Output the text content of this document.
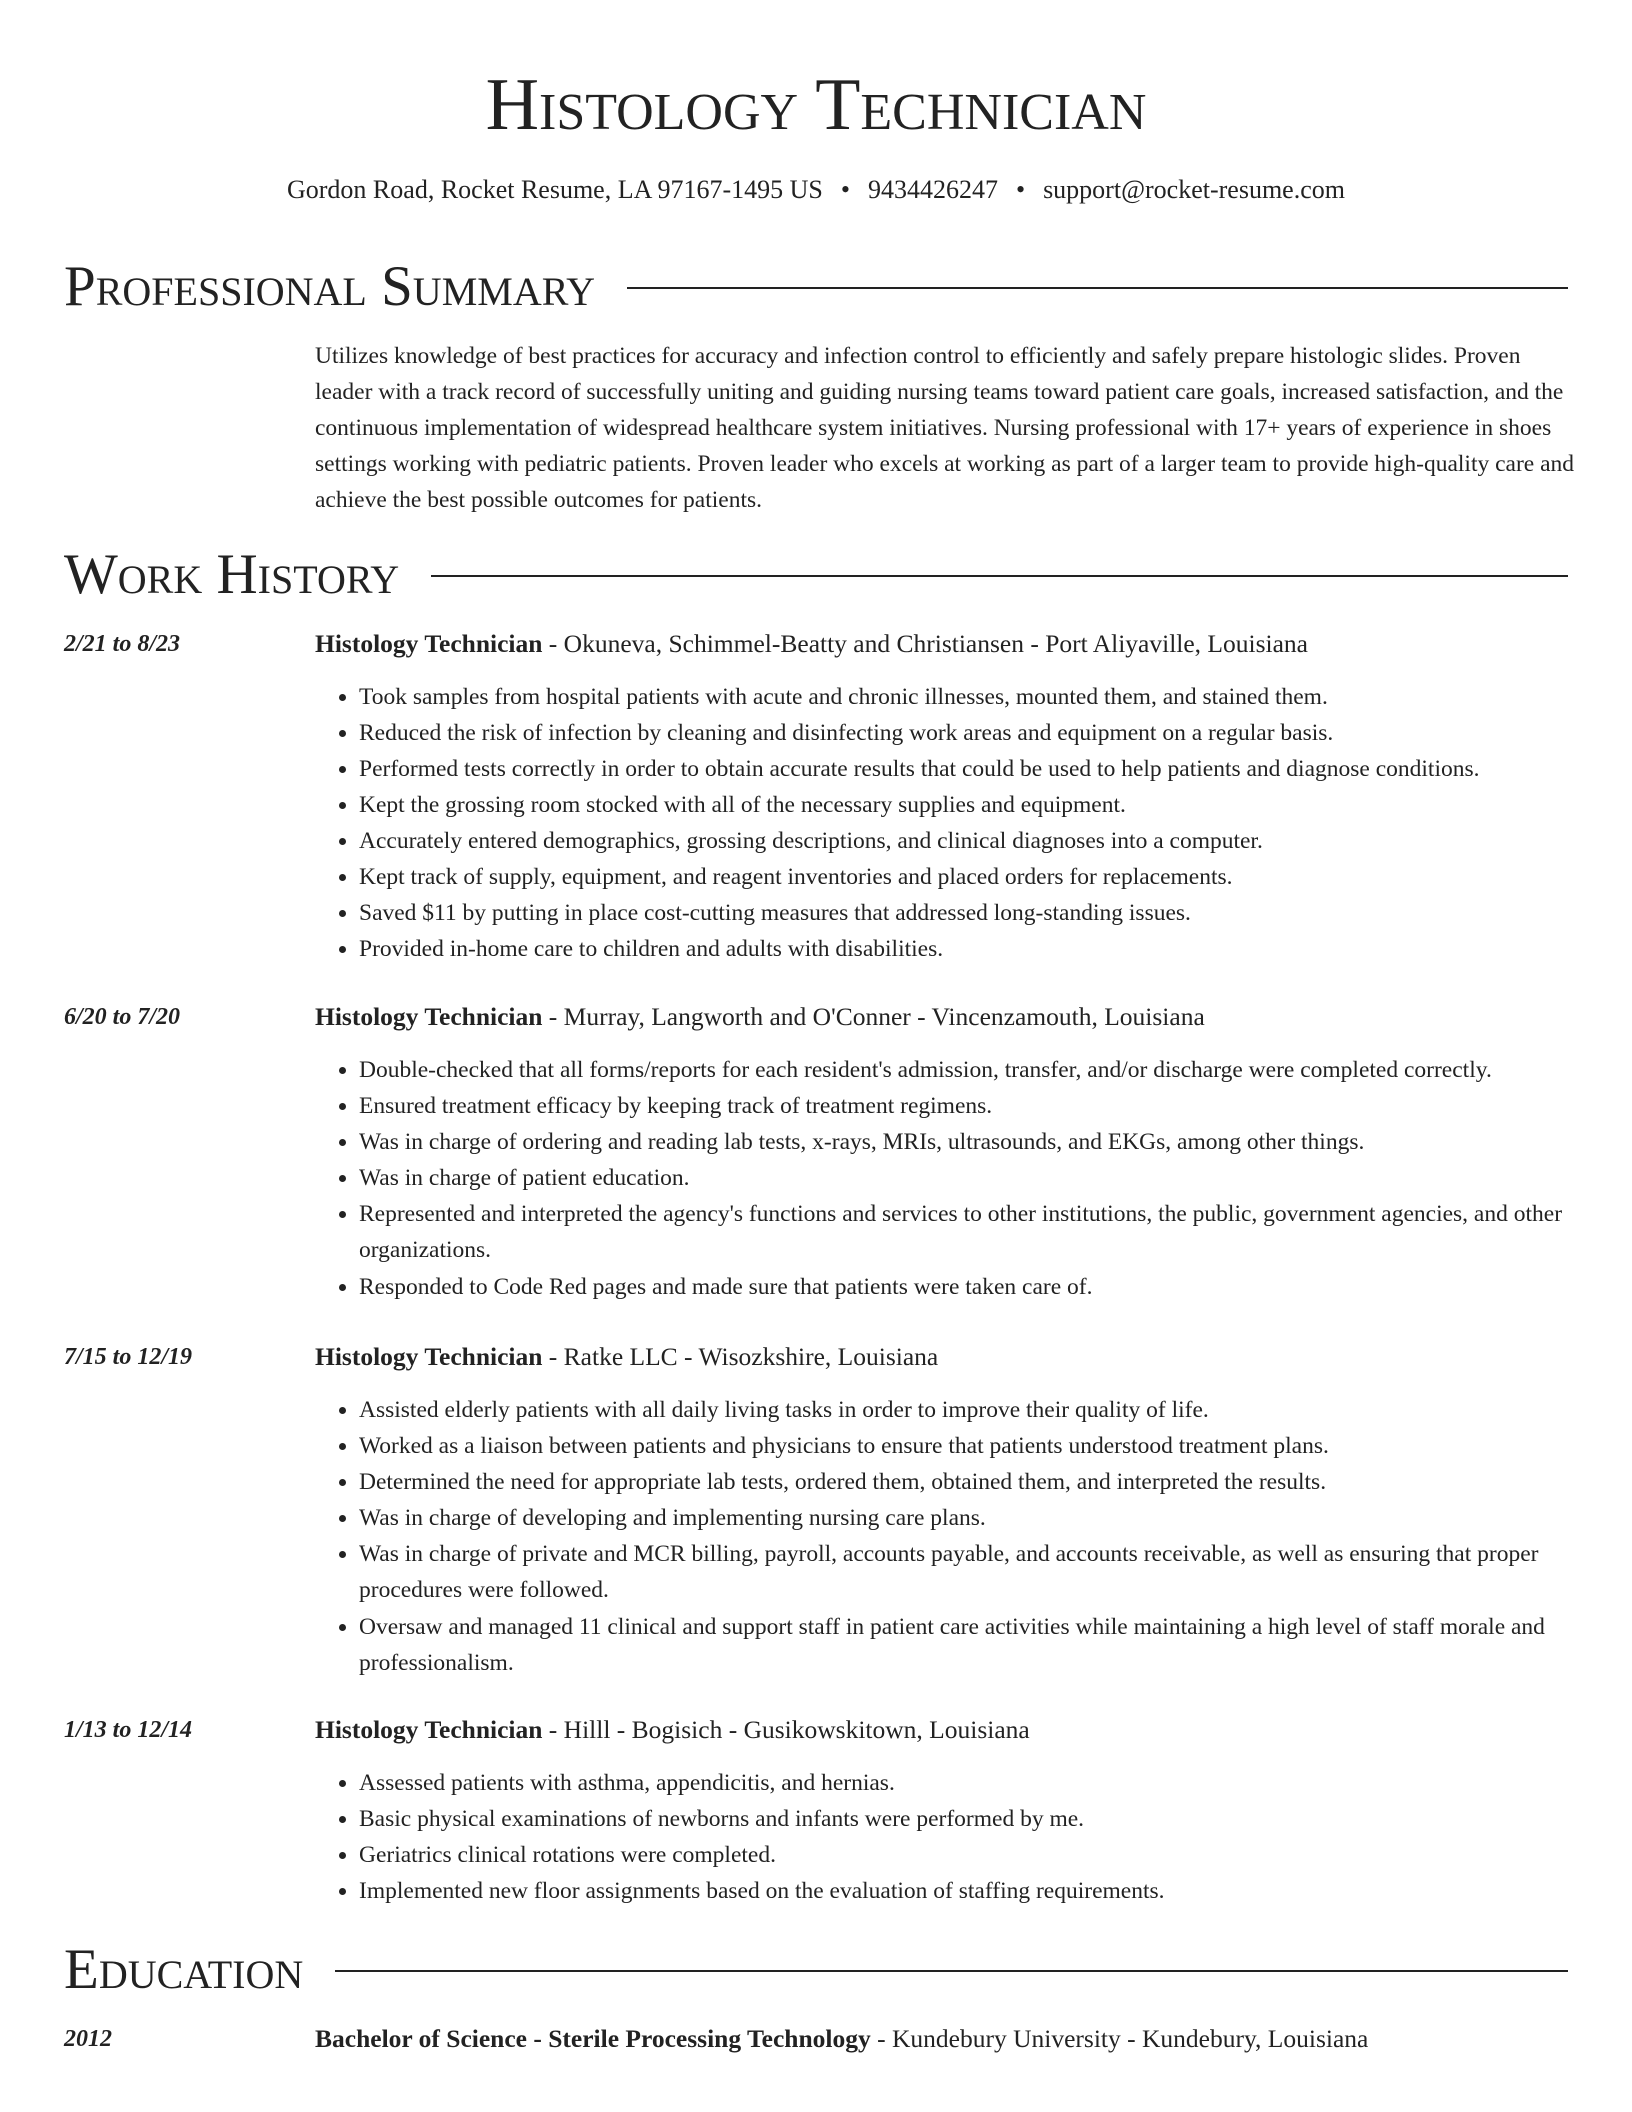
Histology Technician
Gordon Road, Rocket Resume, LA 97167-1495 US • 9434426247 • support@rocket-resume.com
Professional Summary

Utilizes knowledge of best practices for accuracy and infection control to efficiently and safely prepare histologic slides. Proven leader with a track record of successfully uniting and guiding nursing teams toward patient care goals, increased satisfaction, and the continuous implementation of widespread healthcare system initiatives. Nursing professional with 17+ years of experience in shoes settings working with pediatric patients. Proven leader who excels at working as part of a larger team to provide high-quality care and achieve the best possible outcomes for patients.

Work History
2/21 to 8/23	Histology Technician - Okuneva, Schimmel-Beatty and Christiansen - Port Aliyaville, Louisiana
• Took samples from hospital patients with acute and chronic illnesses, mounted them, and stained them.
• Reduced the risk of infection by cleaning and disinfecting work areas and equipment on a regular basis.
• Performed tests correctly in order to obtain accurate results that could be used to help patients and diagnose conditions.
• Kept the grossing room stocked with all of the necessary supplies and equipment.
• Accurately entered demographics, grossing descriptions, and clinical diagnoses into a computer.
• Kept track of supply, equipment, and reagent inventories and placed orders for replacements.
• Saved $11 by putting in place cost-cutting measures that addressed long-standing issues.
• Provided in-home care to children and adults with disabilities.
6/20 to 7/20	Histology Technician - Murray, Langworth and O'Conner - Vincenzamouth, Louisiana
• Double-checked that all forms/reports for each resident's admission, transfer, and/or discharge were completed correctly.
• Ensured treatment efficacy by keeping track of treatment regimens.
• Was in charge of ordering and reading lab tests, x-rays, MRIs, ultrasounds, and EKGs, among other things.
• Was in charge of patient education.
• Represented and interpreted the agency's functions and services to other institutions, the public, government agencies, and other organizations.
• Responded to Code Red pages and made sure that patients were taken care of.
7/15 to 12/19	Histology Technician - Ratke LLC - Wisozkshire, Louisiana
• Assisted elderly patients with all daily living tasks in order to improve their quality of life.
• Worked as a liaison between patients and physicians to ensure that patients understood treatment plans.
• Determined the need for appropriate lab tests, ordered them, obtained them, and interpreted the results.
• Was in charge of developing and implementing nursing care plans.
• Was in charge of private and MCR billing, payroll, accounts payable, and accounts receivable, as well as ensuring that proper procedures were followed.
• Oversaw and managed 11 clinical and support staff in patient care activities while maintaining a high level of staff morale and professionalism.
1/13 to 12/14	Histology Technician - Hilll - Bogisich - Gusikowskitown, Louisiana
• Assessed patients with asthma, appendicitis, and hernias.
• Basic physical examinations of newborns and infants were performed by me.
• Geriatrics clinical rotations were completed.
• Implemented new floor assignments based on the evaluation of staffing requirements.
Education
2012	Bachelor of Science - Sterile Processing Technology - Kundebury University - Kundebury, Louisiana
